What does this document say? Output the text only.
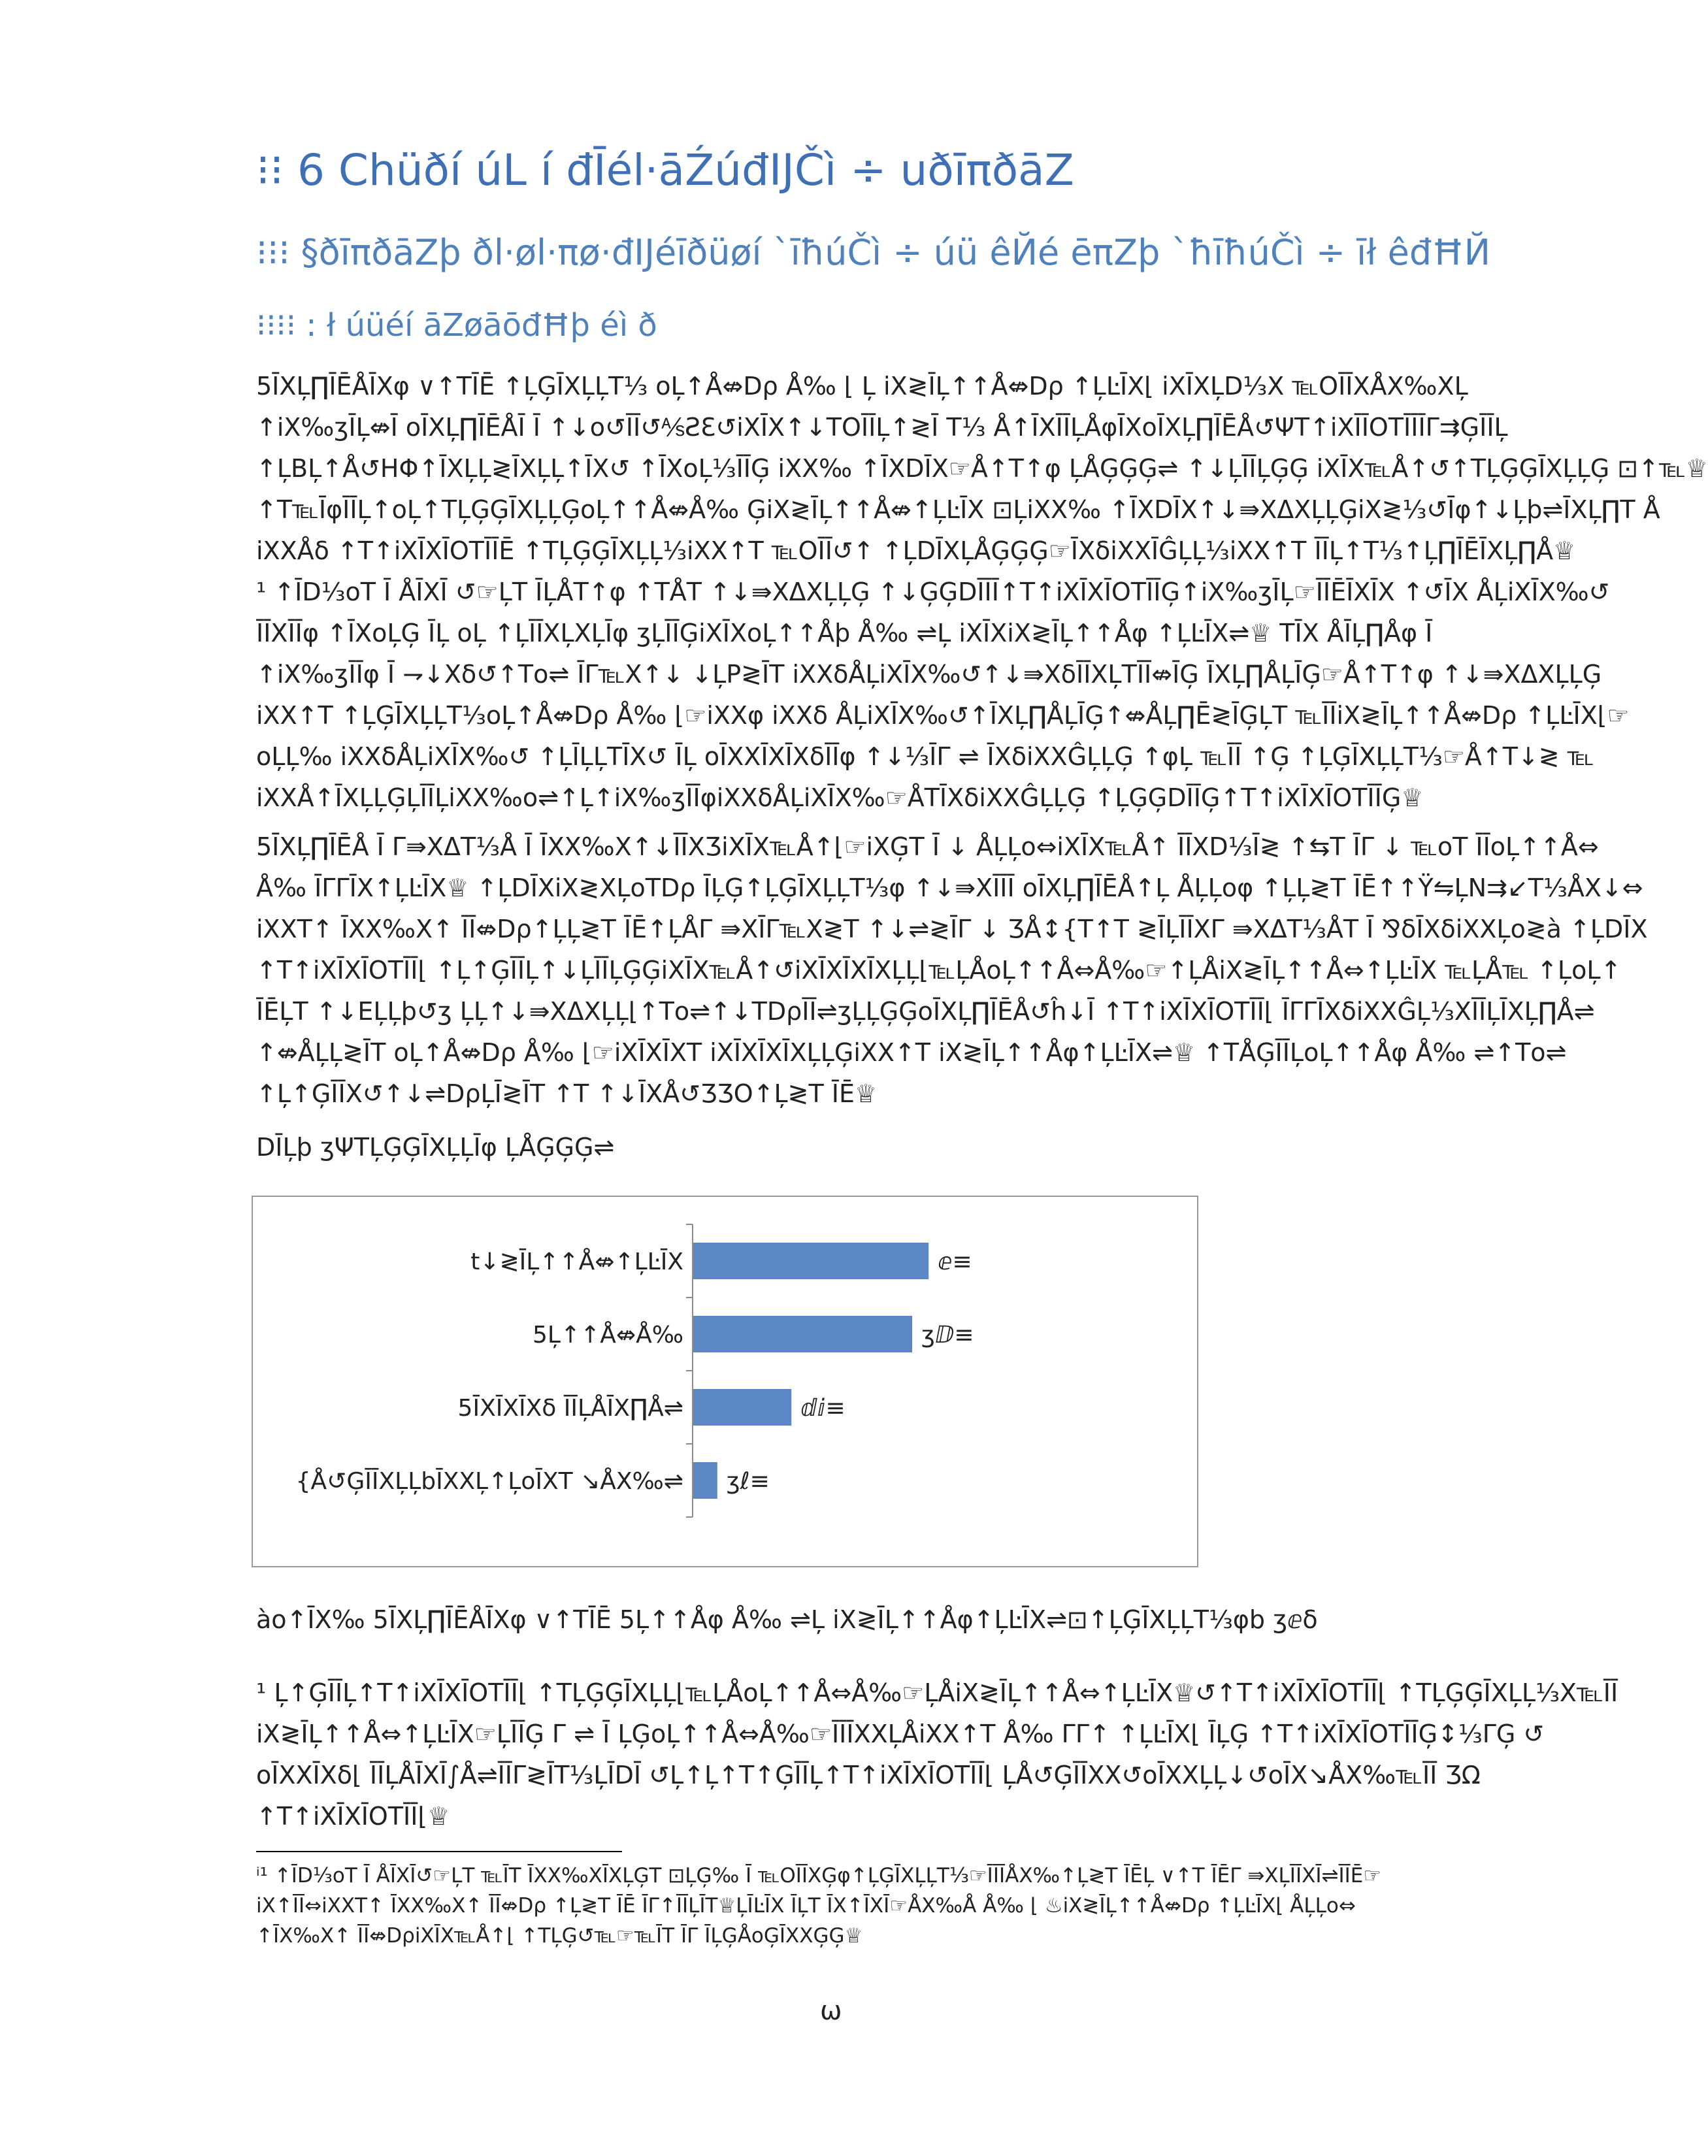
⁝⁝ 6 Chüðí úL í đĪél·āŹúđĲČì ÷ uðīπðāZ
⁝⁝⁝ §ðīπðāZþ ðl·øl·πø·đĲéīðüøí `īħúČì ÷ úü êЙé ēπZþ `ħīħúČì ÷ īł êđĦЙ
⁝⁝⁝⁝ : ł úüéí āZøāōđĦþ éì ð

5ĪΧĻ∏ĪĒÅĪΧφ ∨↑ΤĪĒ ↑ĻĢĪΧĻĻΤ⅓ οĻ↑Å⇎Dρ Å‰ ⌊ Ļ iΧ≷ĪĻ↑↑Å⇎Dρ ↑ĻĿĪΧ⌊ iΧĪΧĻD⅓Χ ℡ΟĪĪΧÅΧ‰ΧĻ
↑iΧ‰ʒĪĻ⇎Ī οĪΧĻ∏ĪĒÅĪ Ī ↑↓ο↺ĪĪ↺⅍ƧƐ↺iΧĪΧ↑↓ΤΟĪĪĻ↑≷Ī Τ⅓ Å↑ĪΧĪĪĻÅφĪΧοĪΧĻ∏ĪĒÅ↺ΨΤ↑iΧĪĪΟΤĪĪĪΓ⇉ĢĪĪĻ
↑ĻΒĻ↑Å↺ΗΦ↑ĪΧĻĻ≷ĪΧĻĻ↑ĪΧ↺ ↑ĪΧοĻ⅓ĪĪĢ iΧΧ‰ ↑ĪΧDĪΧ☞Å↑Τ↑φ ĻÅĢĢĢ⇌ ↑↓ĻĪĪĻĢĢ iΧĪΧ℡Å↑↺↑ΤĻĢĢĪΧĻĻĢ ⊡↑℡♕
↑Τ℡ĪφĪĪĻ↑οĻ↑ΤĻĢĢĪΧĻĻĢοĻ↑↑Å⇎Å‰ ĢiΧ≷ĪĻ↑↑Å⇎↑ĻĿĪΧ ⊡ĻiΧΧ‰ ↑ĪΧDĪΧ↑↓⇛ΧΔΧĻĻĢiΧ≷⅓↺Īφ↑↓Ļþ⇌ĪΧĻ∏Τ Å
iΧΧÅδ ↑Τ↑iΧĪΧĪΟΤĪĪĒ ↑ΤĻĢĢĪΧĻĻ⅓iΧΧ↑Τ ℡ΟĪĪ↺↑ ↑ĻDĪΧĻÅĢĢĢ☞ĪΧδiΧΧĪĜĻĻ⅓iΧΧ↑Τ ĪĪĻ↑Τ⅓↑Ļ∏ĪĒĪΧĻ∏Å♕
¹ ↑ĪD⅓οΤ Ī ÅĪΧĪ ↺☞ĻΤ ĪĻÅΤ↑φ ↑ΤÅΤ ↑↓⇛ΧΔΧĻĻĢ ↑↓ĢĢDĪĪĪ↑Τ↑iΧĪΧĪΟΤĪĪĢ↑iΧ‰ʒĪĻ☞ĪĪĒĪΧĪΧ ↑↺ĪΧ ÅĻiΧĪΧ‰↺
ĪĪΧĪĪφ ↑ĪΧοĻĢ ĪĻ οĻ ↑ĻĪĪΧĻΧĻĪφ ʒĻĪĪĢiΧĪΧοĻ↑↑Åþ Å‰ ⇌Ļ iΧĪΧiΧ≷ĪĻ↑↑Åφ ↑ĻĿĪΧ⇌♕ ΤĪΧ ÅĪĻ∏Åφ Ī
↑iΧ‰ʒĪĪφ Ī ⇁↓Χδ↺↑Το⇌ ĪΓ℡Χ↑↓ ↓ĻΡ≷ĪΤ iΧΧδÅĻiΧĪΧ‰↺↑↓⇛ΧδĪĪΧĻΤĪĪ⇎ĪĢ ĪΧĻ∏ÅĻĪĢ☞Å↑Τ↑φ ↑↓⇛ΧΔΧĻĻĢ
iΧΧ↑Τ ↑ĻĢĪΧĻĻΤ⅓οĻ↑Å⇎Dρ Å‰ ⌊☞iΧΧφ iΧΧδ ÅĻiΧĪΧ‰↺↑ĪΧĻ∏ÅĻĪĢ↑⇎ÅĻ∏Ē≷ĪĢĻΤ ℡ĪĪiΧ≷ĪĻ↑↑Å⇎Dρ ↑ĻĿĪΧ⌊☞
οĻĻ‰ iΧΧδÅĻiΧĪΧ‰↺ ↑ĻĪĻĻΤĪΧ↺ ĪĻ οĪΧΧĪΧĪΧδĪĪφ ↑↓⅓ĪΓ ⇌ ĪΧδiΧΧĜĻĻĢ ↑φĻ ℡ĪĪ ↑Ģ ↑ĻĢĪΧĻĻΤ⅓☞Å↑Τ↓≷ ℡
iΧΧÅ↑ĪΧĻĻĢĻĪĪĻiΧΧ‰ο⇌↑Ļ↑iΧ‰ʒĪĪφiΧΧδÅĻiΧĪΧ‰☞ÅΤĪΧδiΧΧĜĻĻĢ ↑ĻĢĢDĪĪĢ↑Τ↑iΧĪΧĪΟΤĪĪĢ♕

5ĪΧĻ∏ĪĒÅ Ī Γ⇛ΧΔΤ⅓Å Ī ĪΧΧ‰Χ↑↓ĪĪΧƷiΧĪΧ℡Å↑⌊☞iΧĢΤ Ī ↓ ÅĻĻο⇔iΧĪΧ℡Å↑ ĪĪΧD⅓Ī≷ ↑⇆Τ ĪΓ ↓ ℡οΤ ĪĪοĻ↑↑Å⇔
Å‰ ĪΓΓĪΧ↑ĻĿĪΧ♕ ↑ĻDĪΧiΧ≷ΧĻοΤDρ ĪĻĢ↑ĻĢĪΧĻĻΤ⅓φ ↑↓⇛ΧĪĪĪ οĪΧĻ∏ĪĒÅ↑Ļ ÅĻĻοφ ↑ĻĻ≷Τ ĪĒ↑↑Ϋ⇋ĻΝ⇉↙Τ⅓ÅΧ↓⇔
iΧΧΤ↑ ĪΧΧ‰Χ↑ ĪĪ⇎Dρ↑ĻĻ≷Τ ĪĒ↑ĻÅΓ ⇛ΧĪΓ℡Χ≷Τ ↑↓⇌≷ĪΓ ↓ ƷÅ↕{Τ↑Τ ≷ĪĻĪĪΧΓ ⇛ΧΔΤ⅓ÅΤ Ī ⅋δĪΧδiΧΧĻο≷à ↑ĻDĪΧ
↑Τ↑iΧĪΧĪΟΤĪĪ⌊ ↑Ļ↑ĢĪĪĻ↑↓ĻĪĪĻĢĢiΧĪΧ℡Å↑↺iΧĪΧĪΧĪΧĻĻ⌊℡ĻÅοĻ↑↑Å⇔Å‰☞↑ĻÅiΧ≷ĪĻ↑↑Å⇔↑ĻĿĪΧ ℡ĻÅ℡ ↑ĻοĻ↑
ĪĒĻΤ ↑↓ΕĻĻþ↺ʒ ĻĻ↑↓⇛ΧΔΧĻĻ⌊↑Το⇌↑↓ΤDρĪĪ⇌ʒĻĻĢĢοĪΧĻ∏ĪĒÅ↺ĥ↓Ī ↑Τ↑iΧĪΧĪΟΤĪĪ⌊ ĪΓΓĪΧδiΧΧĜĻ⅓ΧĪĪĻĪΧĻ∏Å⇌
↑⇎ÅĻĻ≷ĪΤ οĻ↑Å⇎Dρ Å‰ ⌊☞iΧĪΧĪΧΤ iΧĪΧĪΧĪΧĻĻĢiΧΧ↑Τ iΧ≷ĪĻ↑↑Åφ↑ĻĿĪΧ⇌♕ ↑ΤÅĢĪĪĻοĻ↑↑Åφ Å‰ ⇌↑Το⇌
↑Ļ↑ĢĪĪΧ↺↑↓⇌DρĻĪ≷ĪΤ ↑Τ ↑↓ĪΧÅ↺ƷƷΟ↑Ļ≷Τ ĪĒ♕

DĪĻþ ʒΨΤĻĢĢĪΧĻĻĪφ ĻÅĢĢĢ⇌

t↓≷ĪĻ↑↑Å⇎↑ĻĿĪΧ
5Ļ↑↑Å⇎Å‰
5ĪΧĪΧĪΧδ ĪĪĻÅĪΧ∏Å⇌
{Å↺ĢĪĪΧĻĻbĪΧΧĻ↑ĻοĪΧΤ ↘ÅΧ‰⇌
ⅇ≡
ʒⅅ≡
ⅆⅈ≡
ʒℓ≡

àο↑ĪΧ‰ 5ĪΧĻ∏ĪĒÅĪΧφ ∨↑ΤĪĒ 5Ļ↑↑Åφ Å‰ ⇌Ļ iΧ≷ĪĻ↑↑Åφ↑ĻĿĪΧ⇌⊡↑ĻĢĪΧĻĻΤ⅓φb ʒⅇδ

¹ Ļ↑ĢĪĪĻ↑Τ↑iΧĪΧĪΟΤĪĪ⌊ ↑ΤĻĢĢĪΧĻĻ⌊℡ĻÅοĻ↑↑Å⇔Å‰☞ĻÅiΧ≷ĪĻ↑↑Å⇔↑ĻĿĪΧ♕↺↑Τ↑iΧĪΧĪΟΤĪĪ⌊ ↑ΤĻĢĢĪΧĻĻ⅓Χ℡ĪĪ
iΧ≷ĪĻ↑↑Å⇔↑ĻĿĪΧ☞ĻĪĪĢ Γ ⇌ Ī ĻĢοĻ↑↑Å⇔Å‰☞ĪĪĪΧΧĻÅiΧΧ↑Τ Å‰ ΓΓ↑ ↑ĻĿĪΧ⌊ ĪĻĢ ↑Τ↑iΧĪΧĪΟΤĪĪĢ↕⅓ΓĢ ↺
οĪΧΧĪΧδ⌊ ĪĪĻÅĪΧĪ∫Å⇌ĪĪΓ≷ĪΤ⅓ĻĪDĪ ↺Ļ↑Ļ↑Τ↑ĢĪĪĻ↑Τ↑iΧĪΧĪΟΤĪĪ⌊ ĻÅ↺ĢĪĪΧΧ↺οĪΧΧĻĻ↓↺οĪΧ↘ÅΧ‰℡ĪĪ ƷΩ
↑Τ↑iΧĪΧĪΟΤĪĪ⌊♕

ⁱ¹ ↑ĪD⅓οΤ Ī ÅĪΧĪ↺☞ĻΤ ℡ĪΤ ĪΧΧ‰ΧĪΧĻĢΤ ⊡ĻĢ‰ Ī ℡ΟĪĪΧĢφ↑ĻĢĪΧĻĻΤ⅓☞ĪĪĪÅΧ‰↑Ļ≷Τ ĪĒĻ ∨↑Τ ĪĒΓ ⇛ΧĻĪĪΧĪ⇌ĪĪĒ☞
iΧ↑ĪĪ⇔iΧΧΤ↑ ĪΧΧ‰Χ↑ ĪĪ⇎Dρ ↑Ļ≷Τ ĪĒ ĪΓ↑ĪĪĻĪΤ♕ĻĪĿĪΧ ĪĻΤ ĪΧ↑ĪΧĪ☞ÅΧ‰Å Å‰ ⌊ ♨iΧ≷ĪĻ↑↑Å⇎Dρ ↑ĻĿĪΧ⌊ ÅĻĻο⇔
↑ĪΧ‰Χ↑ ĪĪ⇎DρiΧĪΧ℡Å↑⌊ ↑ΤĻĢ↺℡☞℡ĪΤ ĪΓ ĪĻĢÅοĢĪΧΧĢĢ♕

ω
